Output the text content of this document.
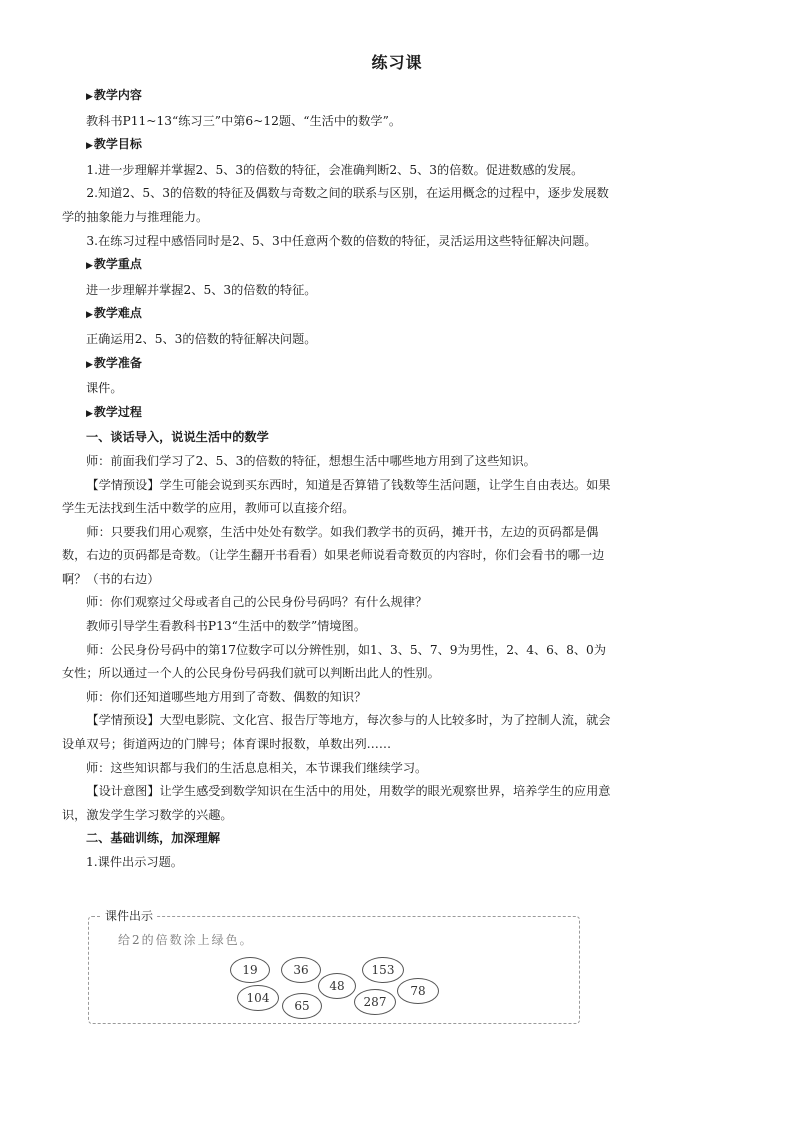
练习课

▶教学内容

教科书P11~13“练习三”中第6~12题、“生活中的数学”。

▶教学目标

1.进一步理解并掌握2、5、3的倍数的特征，会准确判断2、5、3的倍数。促进数感的发展。

2.知道2、5、3的倍数的特征及偶数与奇数之间的联系与区别，在运用概念的过程中，逐步发展数学的抽象能力与推理能力。

3.在练习过程中感悟同时是2、5、3中任意两个数的倍数的特征，灵活运用这些特征解决问题。

▶教学重点

进一步理解并掌握2、5、3的倍数的特征。

▶教学难点

正确运用2、5、3的倍数的特征解决问题。

▶教学准备

课件。

▶教学过程

一、谈话导入，说说生活中的数学

师：前面我们学习了2、5、3的倍数的特征，想想生活中哪些地方用到了这些知识。

【学情预设】学生可能会说到买东西时，知道是否算错了钱数等生活问题，让学生自由表达。如果学生无法找到生活中数学的应用，教师可以直接介绍。

师：只要我们用心观察，生活中处处有数学。如我们教学书的页码，摊开书，左边的页码都是偶数，右边的页码都是奇数。（让学生翻开书看看）如果老师说看奇数页的内容时，你们会看书的哪一边啊？（书的右边）

师：你们观察过父母或者自己的公民身份号码吗？有什么规律？

教师引导学生看教科书P13“生活中的数学”情境图。

师：公民身份号码中的第17位数字可以分辨性别，如1、3、5、7、9为男性，2、4、6、8、0为女性；所以通过一个人的公民身份号码我们就可以判断出此人的性别。

师：你们还知道哪些地方用到了奇数、偶数的知识？

【学情预设】大型电影院、文化宫、报告厅等地方，每次参与的人比较多时，为了控制人流，就会设单双号；街道两边的门牌号；体育课时报数，单数出列……

师：这些知识都与我们的生活息息相关，本节课我们继续学习。

【设计意图】让学生感受到数学知识在生活中的用处，用数学的眼光观察世界，培养学生的应用意识，激发学生学习数学的兴趣。

二、基础训练，加深理解

1.课件出示习题。

课件出示
给2的倍数涂上绿色。
19	36
48
153
104
65	287
78
